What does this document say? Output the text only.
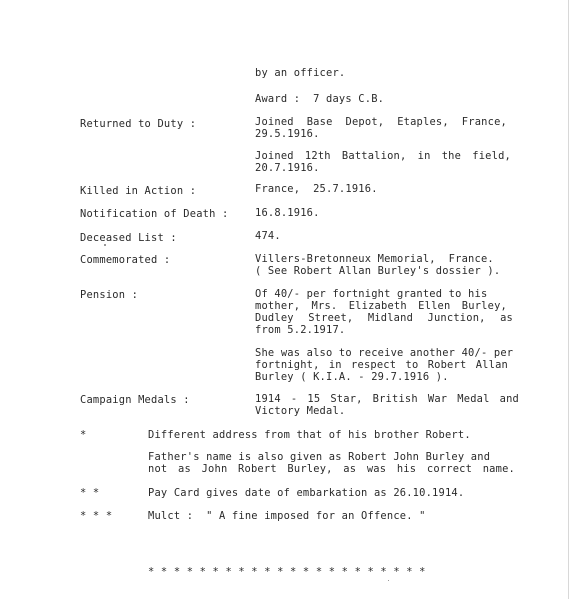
by an officer.
Award :  7 days C.B.
Returned to Duty :	Joined Base Depot, Etaples, France,
29.5.1916.
Joined 12th Battalion, in the field,
20.7.1916.
Killed in Action :	France,  25.7.1916.
Notification of Death :	16.8.1916.
Deceased List :	474.
Commemorated :	Villers-Bretonneux Memorial,  France.
( See Robert Allan Burley's dossier ).
Pension :	Of 40/- per fortnight granted to his
mother, Mrs. Elizabeth Ellen Burley,
Dudley Street, Midland Junction, as
from 5.2.1917.
She was also to receive another 40/- per
fortnight, in respect to Robert Allan
Burley ( K.I.A. - 29.7.1916 ).
Campaign Medals :	1914 - 15 Star, British War Medal and
Victory Medal.
*	Different address from that of his brother Robert.
Father's name is also given as Robert John Burley and
not as John Robert Burley, as was his correct name.
* *	Pay Card gives date of embarkation as 26.10.1914.
* * *	Mulct :  " A fine imposed for an Offence. "
* * * * * * * * * * * * * * * * * * * * * *
